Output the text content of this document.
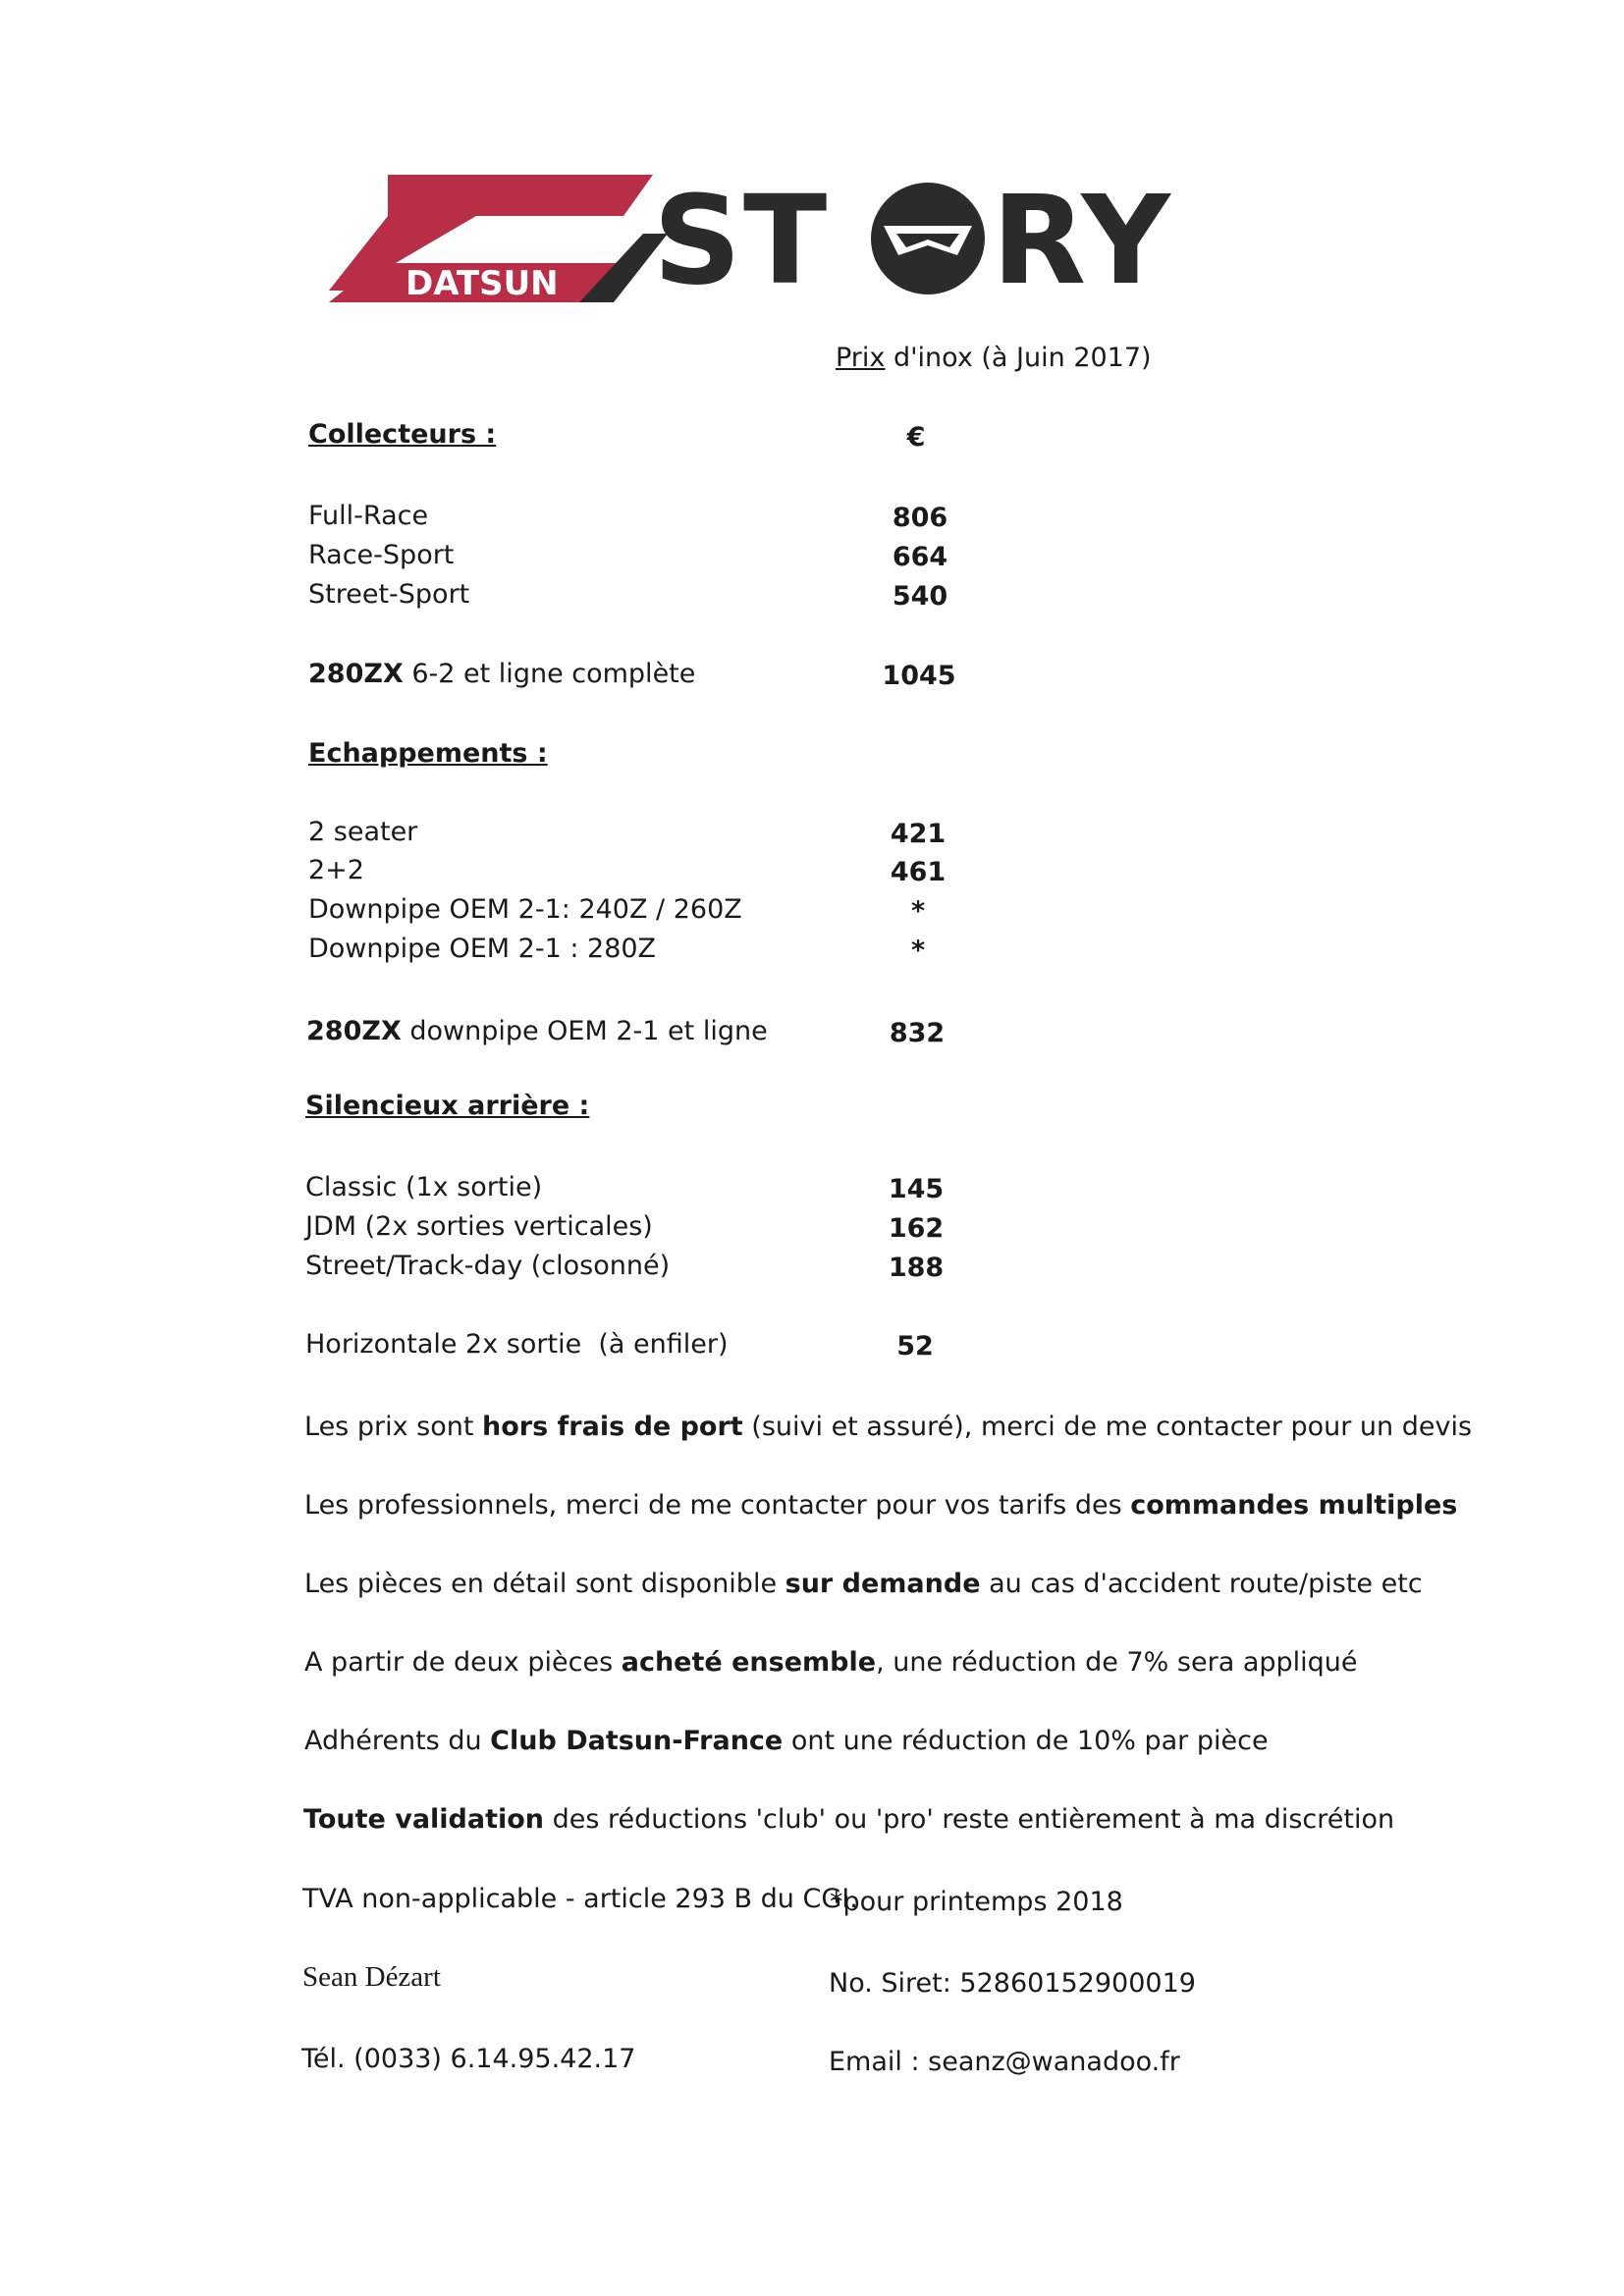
DATSUN ST RY
Prix d'inox (à Juin 2017)
Collecteurs :	€
Full-Race	806
Race-Sport	664
Street-Sport	540
280ZX 6-2 et ligne complète	1045
Echappements :
2 seater	421
2+2	461
Downpipe OEM 2-1: 240Z / 260Z	*
Downpipe OEM 2-1 : 280Z	*
280ZX downpipe OEM 2-1 et ligne	832
Silencieux arrière :
Classic (1x sortie)	145
JDM (2x sorties verticales)	162
Street/Track-day (closonné)	188
Horizontale 2x sortie  (à enfiler)	52
Les prix sont hors frais de port (suivi et assuré), merci de me contacter pour un devis
Les professionnels, merci de me contacter pour vos tarifs des commandes multiples
Les pièces en détail sont disponible sur demande au cas d'accident route/piste etc
A partir de deux pièces acheté ensemble, une réduction de 7% sera appliqué
Adhérents du Club Datsun-France ont une réduction de 10% par pièce
Toute validation des réductions 'club' ou 'pro' reste entièrement à ma discrétion
TVA non-applicable - article 293 B du CGI.
*pour printemps 2018
Sean Dézart	No. Siret: 52860152900019
Tél. (0033) 6.14.95.42.17	Email : seanz@wanadoo.fr
